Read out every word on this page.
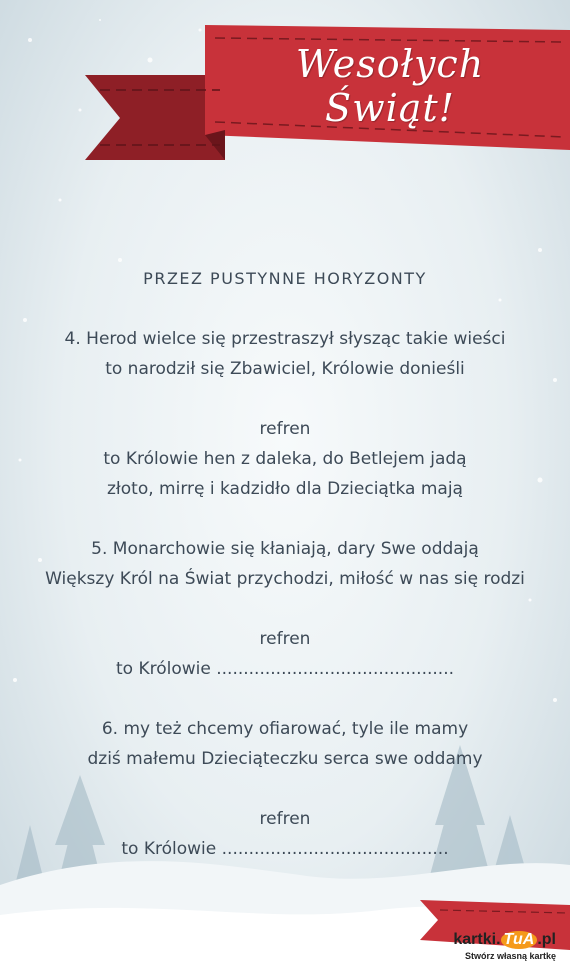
Wesołych Świąt!

PRZEZ PUSTYNNE HORYZONTY

4. Herod wielce się przestraszył słysząc takie wieści

to narodził się Zbawiciel, Królowie donieśli

refren

to Królowie hen z daleka, do Betlejem jadą

złoto, mirrę i kadzidło dla Dzieciątka mają

5. Monarchowie się kłaniają, dary Swe oddają

Większy Król na Świat przychodzi, miłość w nas się rodzi

refren

to Królowie ............................................

6. my też chcemy ofiarować, tyle ile mamy

dziś małemu Dzieciąteczku serca swe oddamy

refren

to Królowie ..........................................

kartki. TuA .pl
Stwórz własną kartkę
